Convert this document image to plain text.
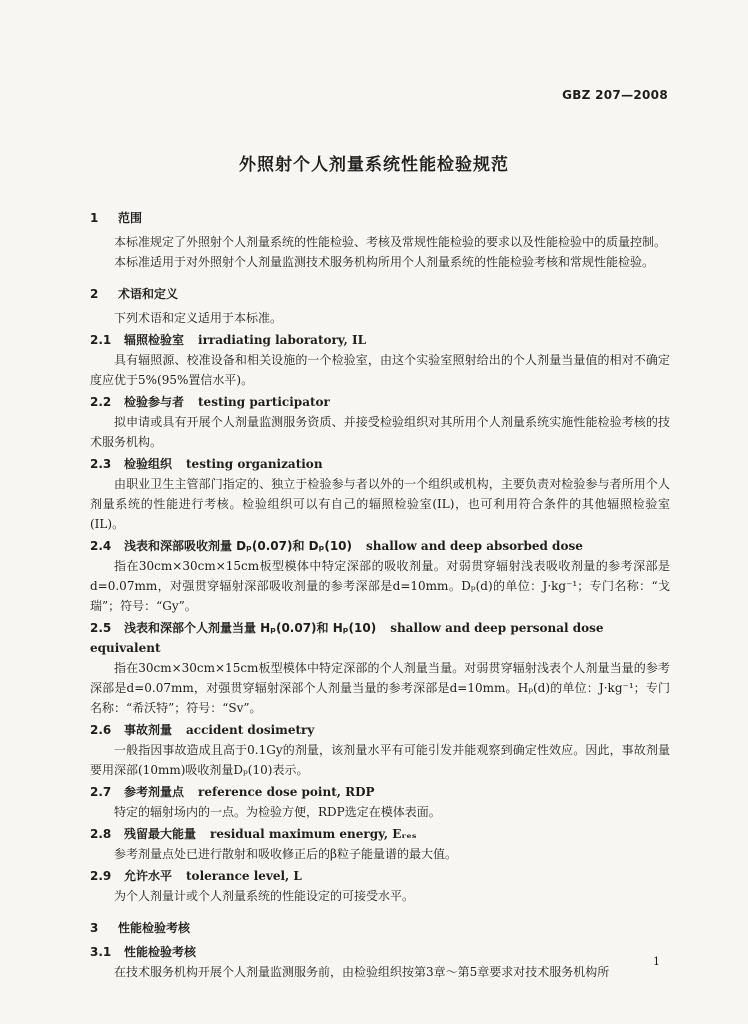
GBZ 207—2008
外照射个人剂量系统性能检验规范
1 范围

本标准规定了外照射个人剂量系统的性能检验、考核及常规性能检验的要求以及性能检验中的质量控制。

本标准适用于对外照射个人剂量监测技术服务机构所用个人剂量系统的性能检验考核和常规性能检验。

2 术语和定义

下列术语和定义适用于本标准。

2.1 辐照检验室 irradiating laboratory, IL

具有辐照源、校准设备和相关设施的一个检验室，由这个实验室照射给出的个人剂量当量值的相对不确定度应优于5%(95%置信水平)。

2.2 检验参与者 testing participator

拟申请或具有开展个人剂量监测服务资质、并接受检验组织对其所用个人剂量系统实施性能检验考核的技术服务机构。

2.3 检验组织 testing organization

由职业卫生主管部门指定的、独立于检验参与者以外的一个组织或机构，主要负责对检验参与者所用个人剂量系统的性能进行考核。检验组织可以有自己的辐照检验室(IL)，也可利用符合条件的其他辐照检验室(IL)。

2.4 浅表和深部吸收剂量 Dₚ(0.07)和 Dₚ(10) shallow and deep absorbed dose

指在30cm×30cm×15cm板型模体中特定深部的吸收剂量。对弱贯穿辐射浅表吸收剂量的参考深部是d=0.07mm，对强贯穿辐射深部吸收剂量的参考深部是d=10mm。Dₚ(d)的单位：J·kg⁻¹；专门名称：“戈瑞”；符号：“Gy”。

2.5 浅表和深部个人剂量当量 Hₚ(0.07)和 Hₚ(10) shallow and deep personal dose equivalent

指在30cm×30cm×15cm板型模体中特定深部的个人剂量当量。对弱贯穿辐射浅表个人剂量当量的参考深部是d=0.07mm，对强贯穿辐射深部个人剂量当量的参考深部是d=10mm。Hₚ(d)的单位：J·kg⁻¹；专门名称：“希沃特”；符号：“Sv”。

2.6 事故剂量 accident dosimetry

一般指因事故造成且高于0.1Gy的剂量，该剂量水平有可能引发并能观察到确定性效应。因此，事故剂量要用深部(10mm)吸收剂量Dₚ(10)表示。

2.7 参考剂量点 reference dose point, RDP

特定的辐射场内的一点。为检验方便，RDP选定在模体表面。

2.8 残留最大能量 residual maximum energy, Eᵣₑₛ

参考剂量点处已进行散射和吸收修正后的β粒子能量谱的最大值。

2.9 允许水平 tolerance level, L

为个人剂量计或个人剂量系统的性能设定的可接受水平。

3 性能检验考核
3.1 性能检验考核

在技术服务机构开展个人剂量监测服务前，由检验组织按第3章～第5章要求对技术服务机构所

1
